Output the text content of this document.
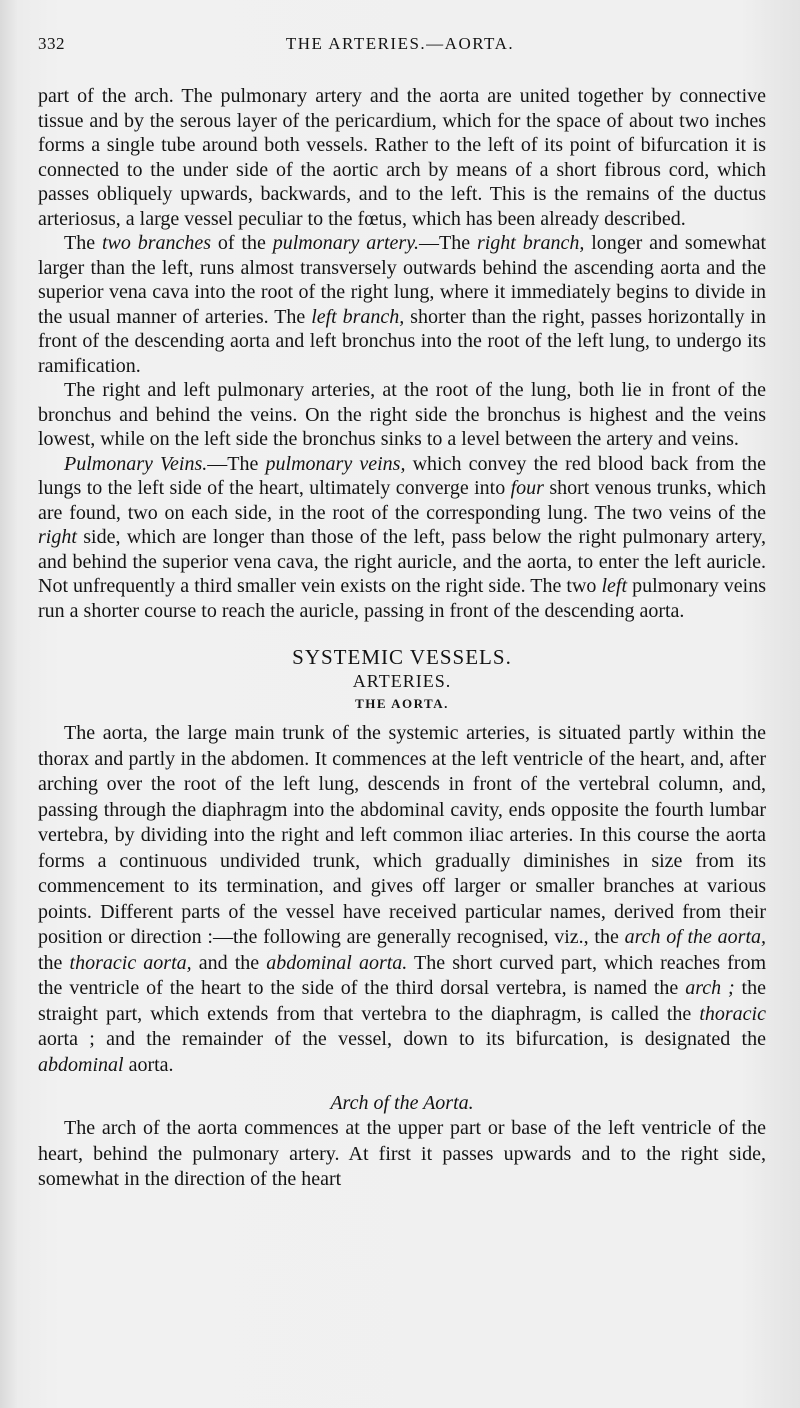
332	THE ARTERIES.—AORTA.

part of the arch. The pulmonary artery and the aorta are united together by connective tissue and by the serous layer of the pericardium, which for the space of about two inches forms a single tube around both vessels. Rather to the left of its point of bifurcation it is connected to the under side of the aortic arch by means of a short fibrous cord, which passes obliquely upwards, backwards, and to the left. This is the remains of the ductus arteriosus, a large vessel peculiar to the fœtus, which has been already described.

The two branches of the pulmonary artery.—The right branch, longer and somewhat larger than the left, runs almost transversely outwards behind the ascending aorta and the superior vena cava into the root of the right lung, where it immediately begins to divide in the usual manner of arteries. The left branch, shorter than the right, passes horizontally in front of the descending aorta and left bronchus into the root of the left lung, to undergo its ramification.

The right and left pulmonary arteries, at the root of the lung, both lie in front of the bronchus and behind the veins. On the right side the bronchus is highest and the veins lowest, while on the left side the bronchus sinks to a level between the artery and veins.

Pulmonary Veins.—The pulmonary veins, which convey the red blood back from the lungs to the left side of the heart, ultimately converge into four short venous trunks, which are found, two on each side, in the root of the corresponding lung. The two veins of the right side, which are longer than those of the left, pass below the right pulmonary artery, and behind the superior vena cava, the right auricle, and the aorta, to enter the left auricle. Not unfrequently a third smaller vein exists on the right side. The two left pulmonary veins run a shorter course to reach the auricle, passing in front of the descending aorta.

SYSTEMIC VESSELS.
ARTERIES.
THE AORTA.

The aorta, the large main trunk of the systemic arteries, is situated partly within the thorax and partly in the abdomen. It commences at the left ventricle of the heart, and, after arching over the root of the left lung, descends in front of the vertebral column, and, passing through the diaphragm into the abdominal cavity, ends opposite the fourth lumbar vertebra, by dividing into the right and left common iliac arteries. In this course the aorta forms a continuous undivided trunk, which gradually diminishes in size from its commencement to its termination, and gives off larger or smaller branches at various points. Different parts of the vessel have received particular names, derived from their position or direction :—the following are generally recognised, viz., the arch of the aorta, the thoracic aorta, and the abdominal aorta. The short curved part, which reaches from the ventricle of the heart to the side of the third dorsal vertebra, is named the arch ; the straight part, which extends from that vertebra to the diaphragm, is called the thoracic aorta ; and the remainder of the vessel, down to its bifurcation, is designated the abdominal aorta.

Arch of the Aorta.

The arch of the aorta commences at the upper part or base of the left ventricle of the heart, behind the pulmonary artery. At first it passes upwards and to the right side, somewhat in the direction of the heart
